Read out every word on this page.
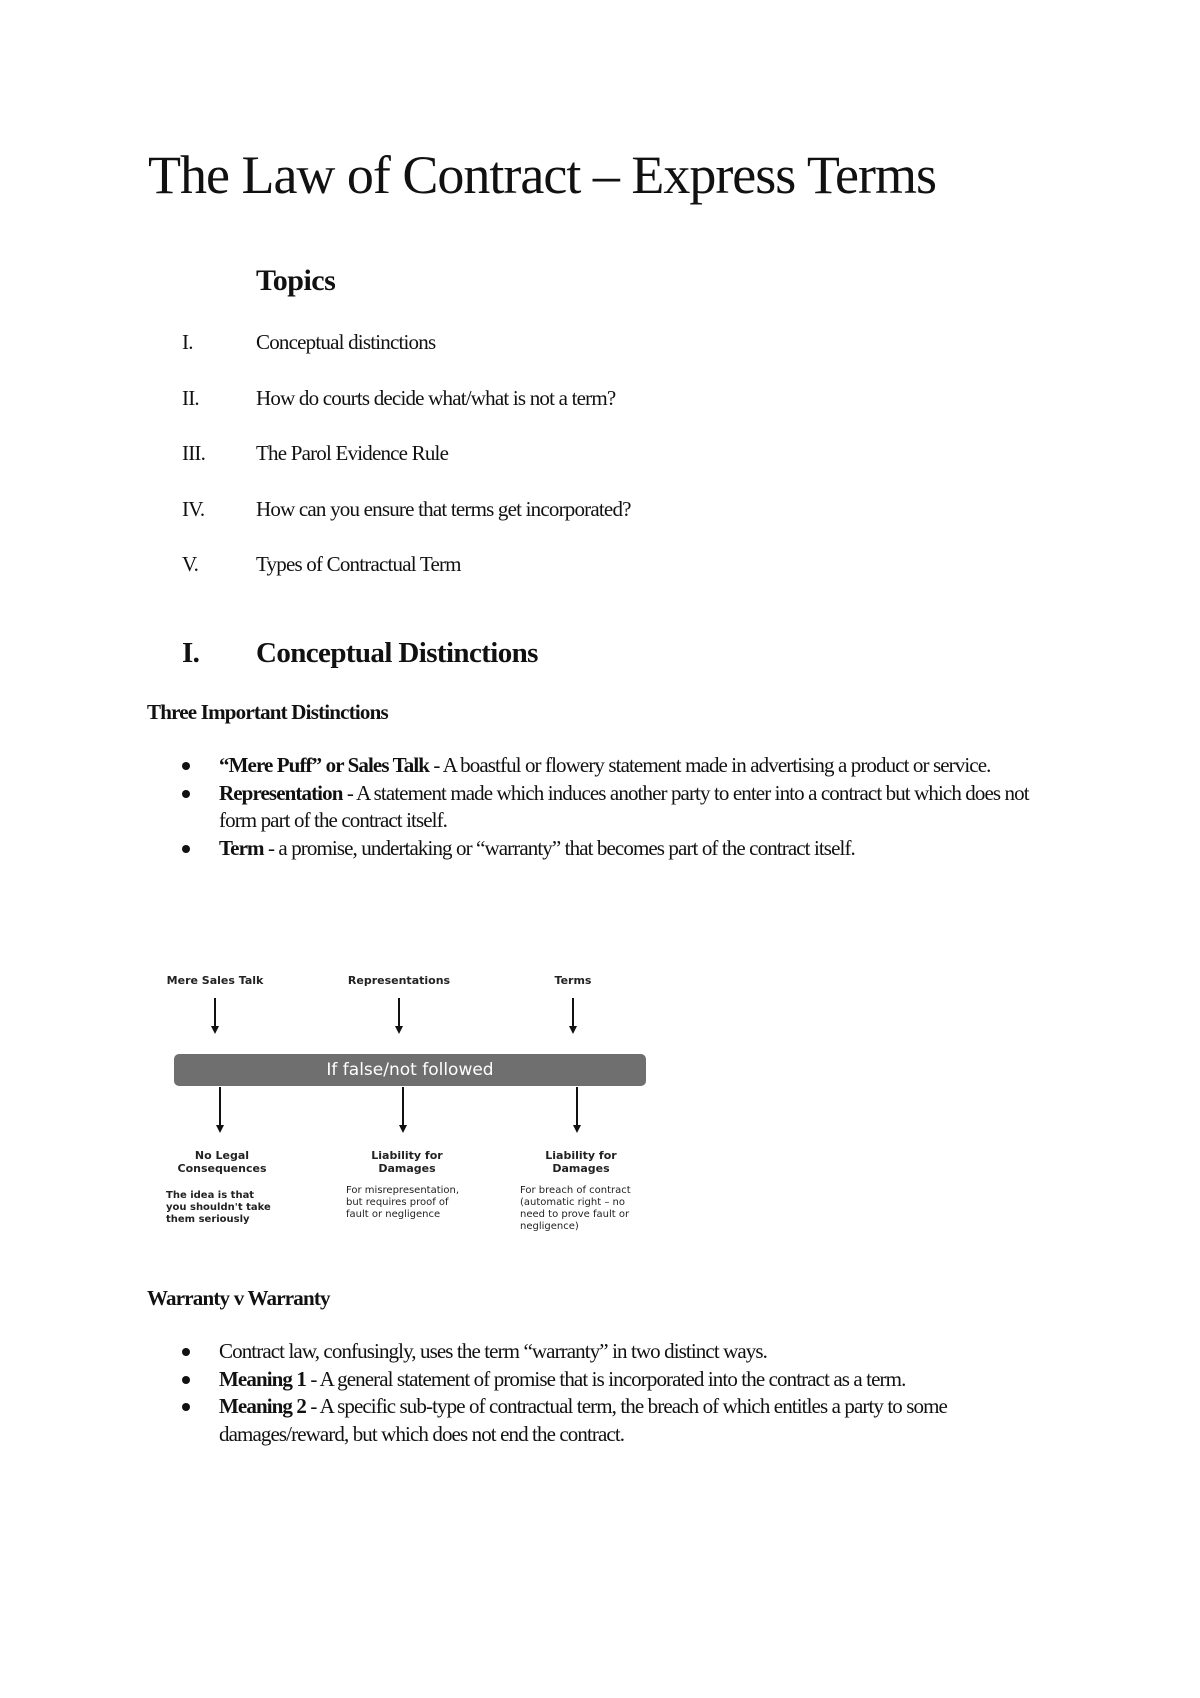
The Law of Contract – Express Terms
Topics
I.	Conceptual distinctions
II.	How do courts decide what/what is not a term?
III.	The Parol Evidence Rule
IV.	How can you ensure that terms get incorporated?
V.	Types of Contractual Term
I. Conceptual Distinctions
Three Important Distinctions
“Mere Puff” or Sales Talk - A boastful or flowery statement made in advertising a product or service.
Representation - A statement made which induces another party to enter into a contract but which does not form part of the contract itself.
Term - a promise, undertaking or “warranty” that becomes part of the contract itself.
Mere Sales Talk	Representations	Terms
If false/not followed
No Legal Consequences
Liability for Damages
Liability for Damages
The idea is that you shouldn't take them seriously
For misrepresentation, but requires proof of fault or negligence
For breach of contract (automatic right – no need to prove fault or negligence)
Warranty v Warranty
Contract law, confusingly, uses the term “warranty” in two distinct ways.
Meaning 1 - A general statement of promise that is incorporated into the contract as a term.
Meaning 2 - A specific sub-type of contractual term, the breach of which entitles a party to some damages/reward, but which does not end the contract.
